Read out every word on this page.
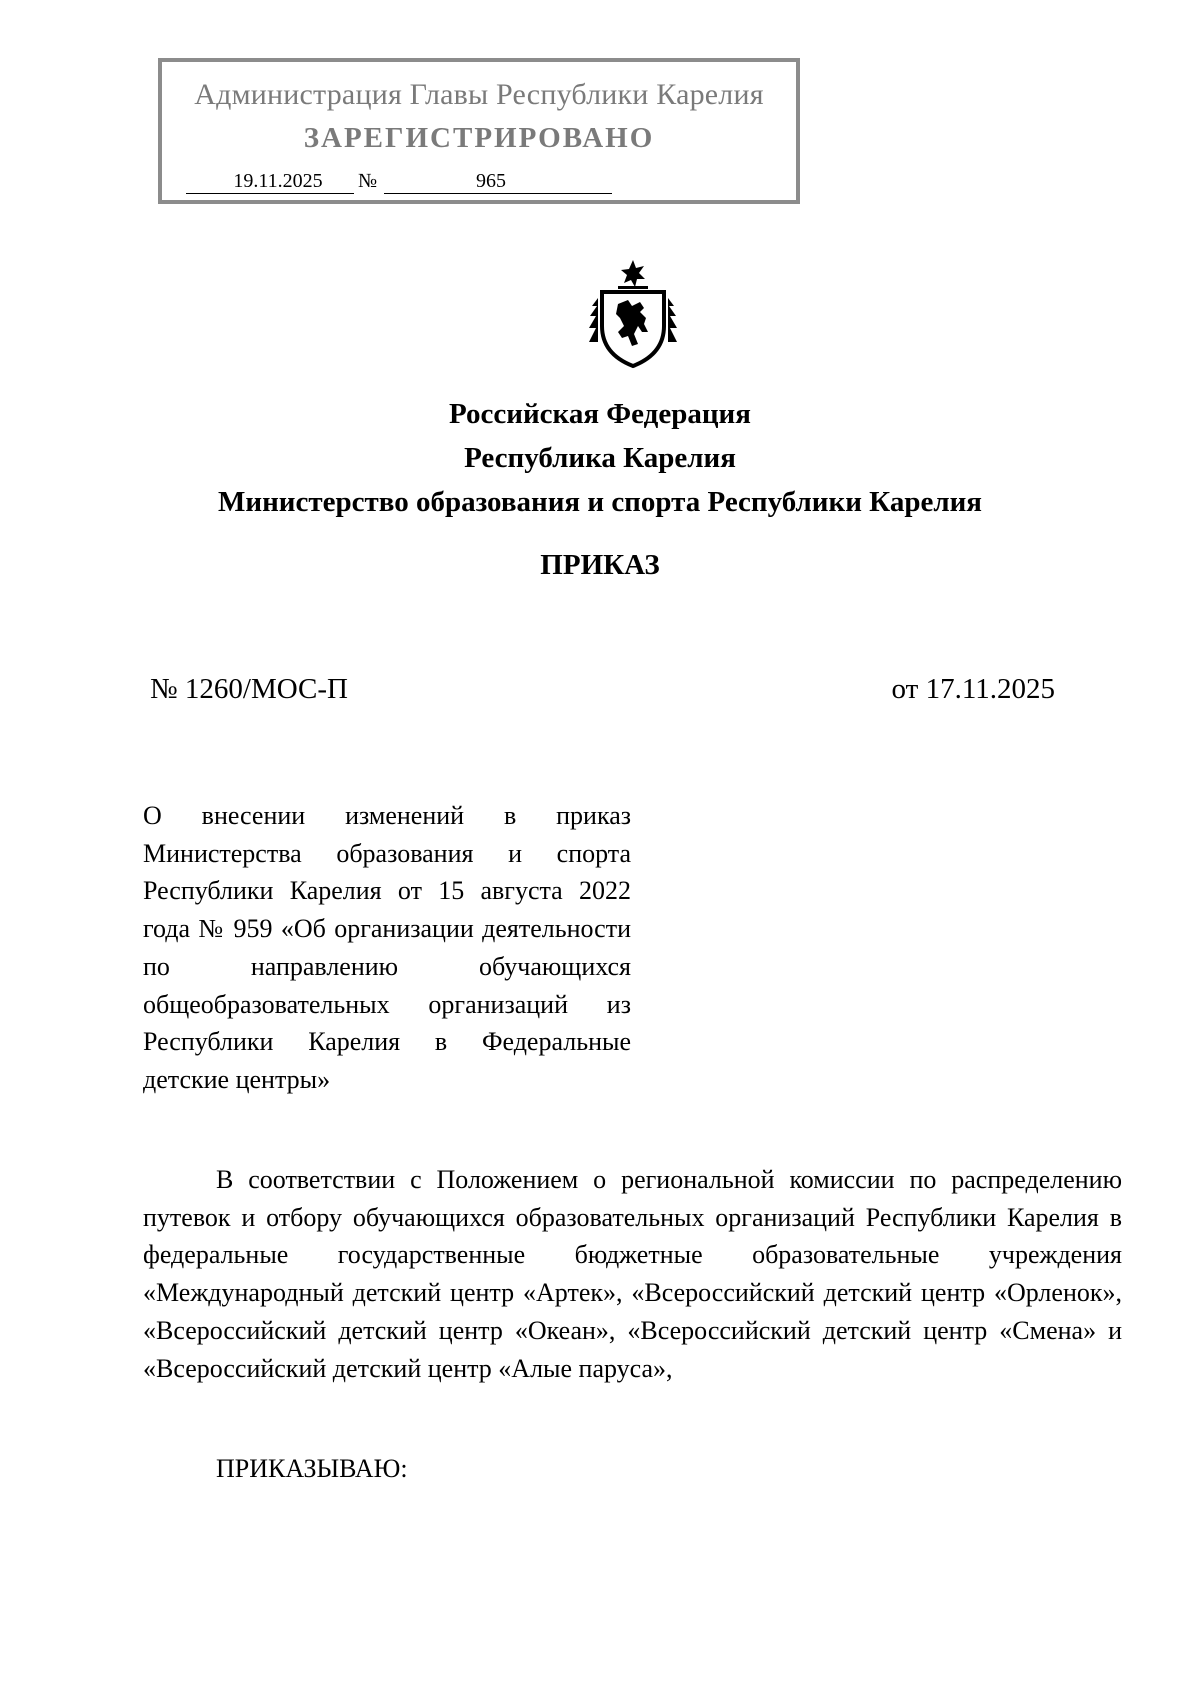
Администрация Главы Республики Карелия
ЗАРЕГИСТРИРОВАНО
19.11.2025	№	965
Российская Федерация
Республика Карелия
Министерство образования и спорта Республики Карелия
ПРИКАЗ
№ 1260/МОС-П	от 17.11.2025
О внесении изменений в приказ Министерства образования и спорта Республики Карелия от 15 августа 2022 года № 959 «Об организации деятельности по направлению обучающихся общеобразовательных организаций из Республики Карелия в Федеральные детские центры»
В соответствии с Положением о региональной комиссии по распределению путевок и отбору обучающихся образовательных организаций Республики Карелия в федеральные государственные бюджетные образовательные учреждения «Международный детский центр «Артек», «Всероссийский детский центр «Орленок», «Всероссийский детский центр «Океан», «Всероссийский детский центр «Смена» и «Всероссийский детский центр «Алые паруса»,
ПРИКАЗЫВАЮ:
